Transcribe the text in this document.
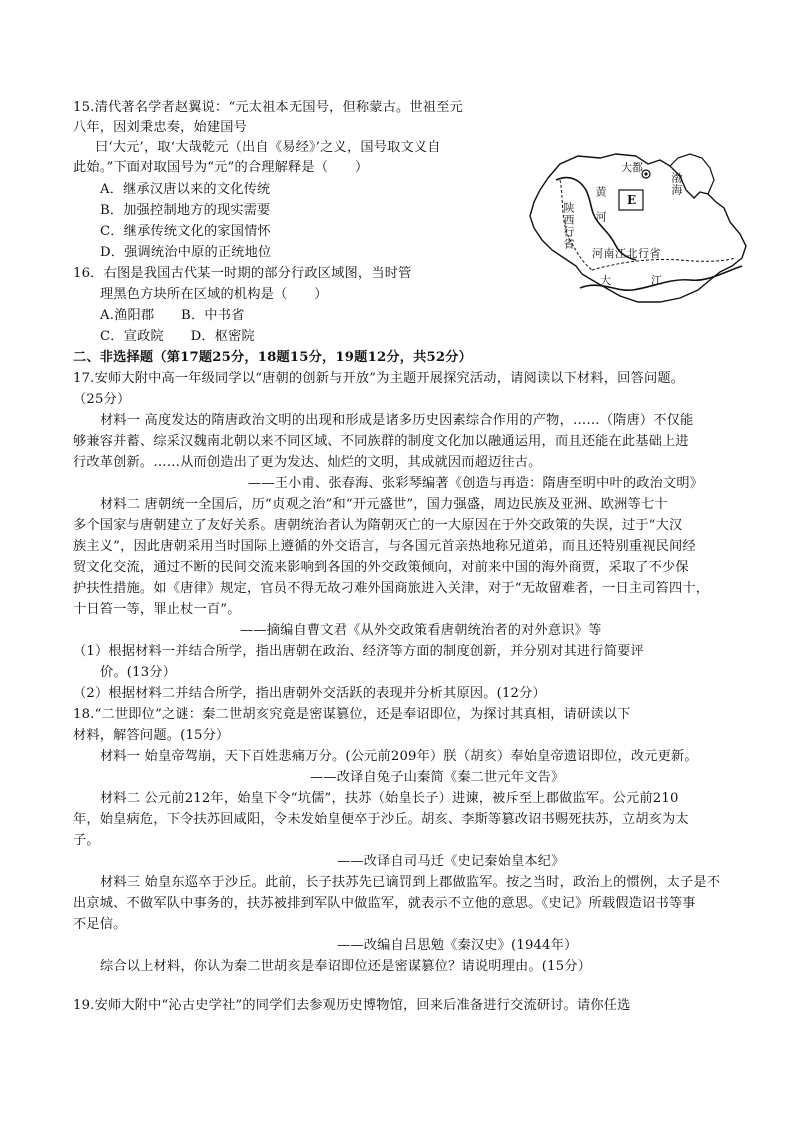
15.清代著名学者赵翼说：“元太祖本无国号，但称蒙古。世祖至元
八年，因刘秉忠奏，始建国号
曰‘大元’，取‘大哉乾元（出自《易经》’之义，国号取文义自
此始。”下面对取国号为“元”的合理解释是（　　）
A．继承汉唐以来的文化传统
B．加强控制地方的现实需要
C．继承传统文化的家国情怀
D．强调统治中原的正统地位
16．右图是我国古代某一时期的部分行政区域图，当时管
理黑色方块所在区域的机构是（　　）
A.渔阳郡　　B．中书省
C．宣政院　　D．枢密院
大都
渤海
黄河
陕西行省
河南江北行省
大江
E
二、非选择题（第17题25分，18题15分，19题12分，共52分）
17.安师大附中高一年级同学以“唐朝的创新与开放”为主题开展探究活动，请阅读以下材料，回答问题。
（25分）
材料一 高度发达的隋唐政治文明的出现和形成是诸多历史因素综合作用的产物，……（隋唐）不仅能
够兼容并蓄、综采汉魏南北朝以来不同区域、不同族群的制度文化加以融通运用，而且还能在此基础上进
行改革创新。……从而创造出了更为发达、灿烂的文明，其成就因而超迈往古。
——王小甫、张春海、张彩琴编著《创造与再造：隋唐至明中叶的政治文明》
材料二 唐朝统一全国后，历“贞观之治”和“开元盛世”，国力强盛，周边民族及亚洲、欧洲等七十
多个国家与唐朝建立了友好关系。唐朝统治者认为隋朝灭亡的一大原因在于外交政策的失误，过于“大汉
族主义”，因此唐朝采用当时国际上遵循的外交语言，与各国元首亲热地称兄道弟，而且还特别重视民间经
贸文化交流，通过不断的民间交流来影响到各国的外交政策倾向，对前来中国的海外商贾，采取了不少保
护扶性措施。如《唐律》规定，官员不得无故刁难外国商旅进入关津，对于“无故留难者，一日主司笞四十，
十日笞一等，罪止杖一百”。
——摘编自曹文君《从外交政策看唐朝统治者的对外意识》等
（1）根据材料一并结合所学，指出唐朝在政治、经济等方面的制度创新，并分别对其进行简要评
价。(13分）
（2）根据材料二并结合所学，指出唐朝外交活跃的表现并分析其原因。(12分）
18.“二世即位”之谜：秦二世胡亥究竟是密谋篡位，还是奉诏即位，为探讨其真相，请研读以下
材料，解答问题。(15分）
材料一 始皇帝驾崩，天下百姓悲痛万分。(公元前209年）朕（胡亥）奉始皇帝遗诏即位，改元更新。
——改译自兔子山秦简《秦二世元年文告》
材料二 公元前212年，始皇下令“坑儒”，扶苏（始皇长子）进谏，被斥至上郡做监军。公元前210
年，始皇病危，下令扶苏回咸阳，令未发始皇便卒于沙丘。胡亥、李斯等篡改诏书赐死扶苏，立胡亥为太
子。
——改译自司马迁《史记秦始皇本纪》
材料三 始皇东巡卒于沙丘。此前，长子扶苏先已谪罚到上郡做监军。按之当时，政治上的惯例，太子是不
出京城、不做军队中事务的，扶苏被排到军队中做监军，就表示不立他的意思。《史记》所载假造诏书等事
不足信。
——改编自吕思勉《秦汉史》(1944年）
综合以上材料，你认为秦二世胡亥是奉诏即位还是密谋篡位？请说明理由。(15分）
19.安师大附中“沁古史学社”的同学们去参观历史博物馆，回来后准备进行交流研讨。请你任选
